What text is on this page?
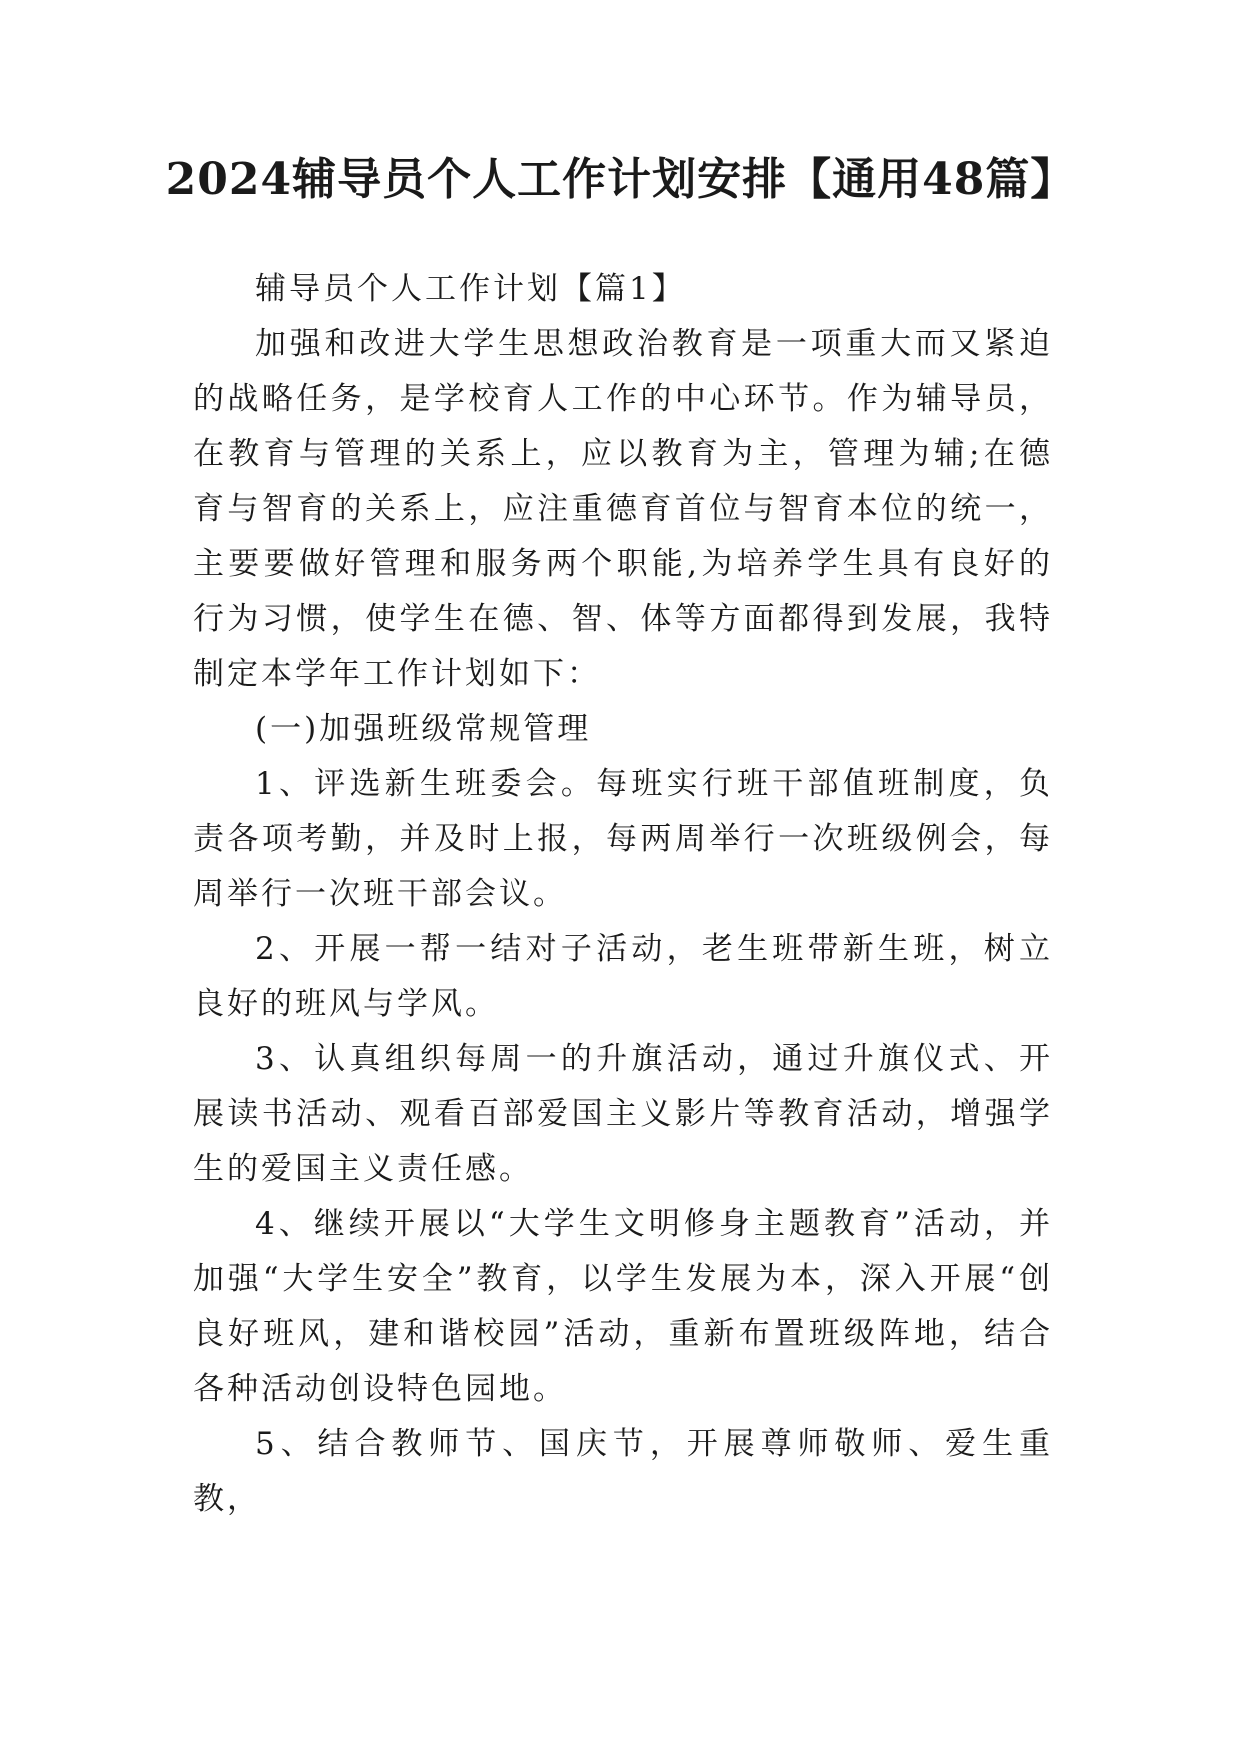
2024辅导员个人工作计划安排【通用48篇】

辅导员个人工作计划【篇1】

加强和改进大学生思想政治教育是一项重大而又紧迫的战略任务，是学校育人工作的中心环节。作为辅导员，在教育与管理的关系上，应以教育为主，管理为辅;在德育与智育的关系上，应注重德育首位与智育本位的统一，主要要做好管理和服务两个职能,为培养学生具有良好的行为习惯，使学生在德、智、体等方面都得到发展，我特制定本学年工作计划如下：

(一)加强班级常规管理

1、评选新生班委会。每班实行班干部值班制度，负责各项考勤，并及时上报，每两周举行一次班级例会，每周举行一次班干部会议。

2、开展一帮一结对子活动，老生班带新生班，树立良好的班风与学风。

3、认真组织每周一的升旗活动，通过升旗仪式、开展读书活动、观看百部爱国主义影片等教育活动，增强学生的爱国主义责任感。

4、继续开展以“大学生文明修身主题教育”活动，并加强“大学生安全”教育，以学生发展为本，深入开展“创良好班风，建和谐校园”活动，重新布置班级阵地，结合各种活动创设特色园地。

5、结合教师节、国庆节，开展尊师敬师、爱生重教，
